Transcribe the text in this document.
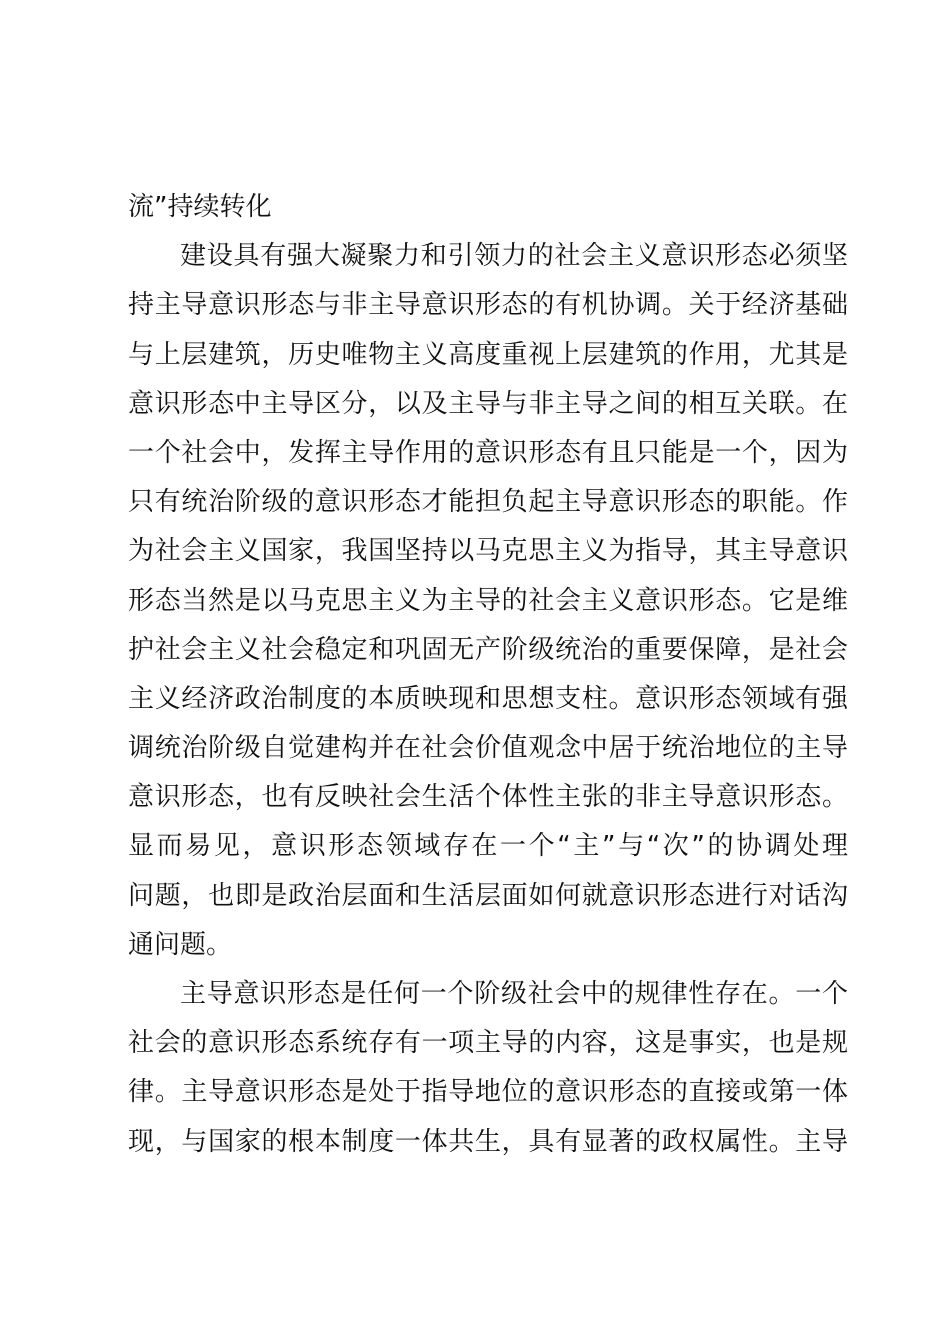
流”持续转化
建设具有强大凝聚力和引领力的社会主义意识形态必须坚
持主导意识形态与非主导意识形态的有机协调。关于经济基础
与上层建筑，历史唯物主义高度重视上层建筑的作用，尤其是
意识形态中主导区分，以及主导与非主导之间的相互关联。在
一个社会中，发挥主导作用的意识形态有且只能是一个，因为
只有统治阶级的意识形态才能担负起主导意识形态的职能。作
为社会主义国家，我国坚持以马克思主义为指导，其主导意识
形态当然是以马克思主义为主导的社会主义意识形态。它是维
护社会主义社会稳定和巩固无产阶级统治的重要保障，是社会
主义经济政治制度的本质映现和思想支柱。意识形态领域有强
调统治阶级自觉建构并在社会价值观念中居于统治地位的主导
意识形态，也有反映社会生活个体性主张的非主导意识形态。
显而易见，意识形态领域存在一个“主”与“次”的协调处理
问题，也即是政治层面和生活层面如何就意识形态进行对话沟
通问题。
主导意识形态是任何一个阶级社会中的规律性存在。一个
社会的意识形态系统存有一项主导的内容，这是事实，也是规
律。主导意识形态是处于指导地位的意识形态的直接或第一体
现，与国家的根本制度一体共生，具有显著的政权属性。主导
